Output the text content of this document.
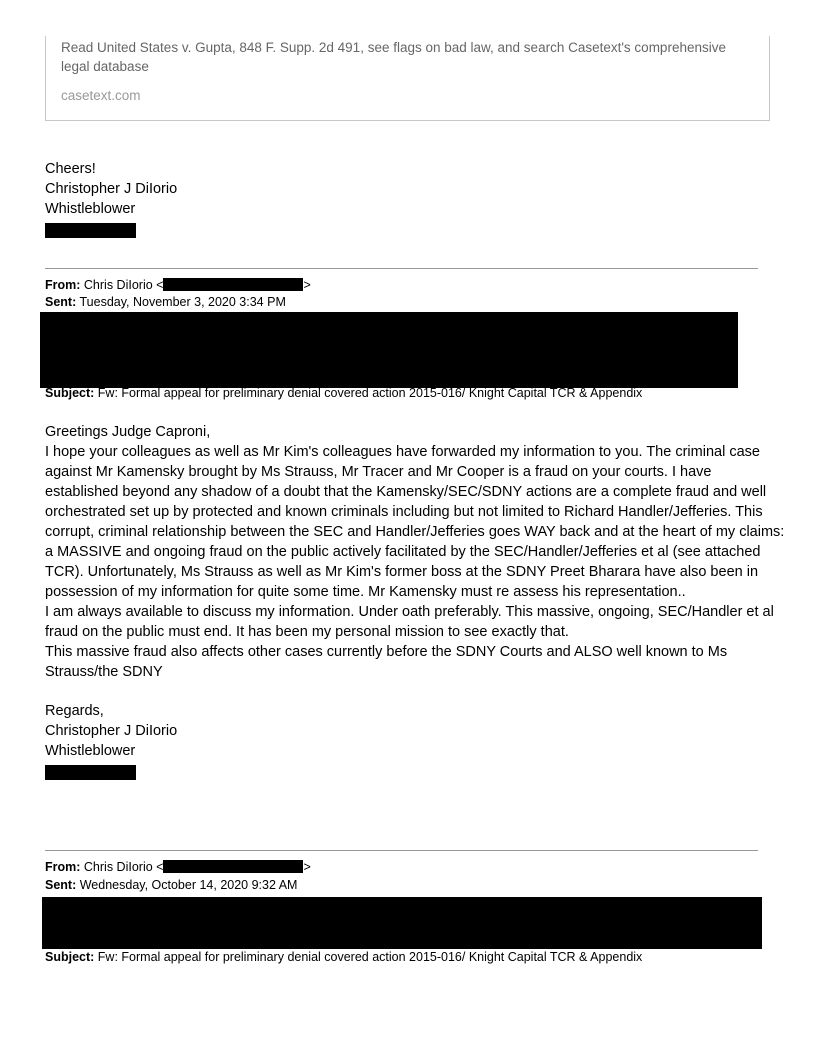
Read United States v. Gupta, 848 F. Supp. 2d 491, see flags on bad law, and search Casetext's comprehensive legal database
casetext.com
Cheers!
Christopher J DiIorio
Whistleblower
From: Chris DiIorio <	>
Sent: Tuesday, November 3, 2020 3:34 PM
Subject: Fw: Formal appeal for preliminary denial covered action 2015-016/ Knight Capital TCR & Appendix

Greetings Judge Caproni,

I hope your colleagues as well as Mr Kim's colleagues have forwarded my information to you. The criminal case against Mr Kamensky brought by Ms Strauss, Mr Tracer and Mr Cooper is a fraud on your courts. I have established beyond any shadow of a doubt that the Kamensky/SEC/SDNY actions are a complete fraud and well orchestrated set up by protected and known criminals including but not limited to Richard Handler/Jefferies. This corrupt, criminal relationship between the SEC and Handler/Jefferies goes WAY back and at the heart of my claims: a MASSIVE and ongoing fraud on the public actively facilitated by the SEC/Handler/Jefferies et al (see attached TCR). Unfortunately, Ms Strauss as well as Mr Kim's former boss at the SDNY Preet Bharara have also been in possession of my information for quite some time. Mr Kamensky must re assess his representation..

I am always available to discuss my information. Under oath preferably. This massive, ongoing, SEC/Handler et al fraud on the public must end. It has been my personal mission to see exactly that.

This massive fraud also affects other cases currently before the SDNY Courts and ALSO well known to Ms Strauss/the SDNY

Regards,
Christopher J DiIorio
Whistleblower
From: Chris DiIorio <	>
Sent: Wednesday, October 14, 2020 9:32 AM
Subject: Fw: Formal appeal for preliminary denial covered action 2015-016/ Knight Capital TCR & Appendix
